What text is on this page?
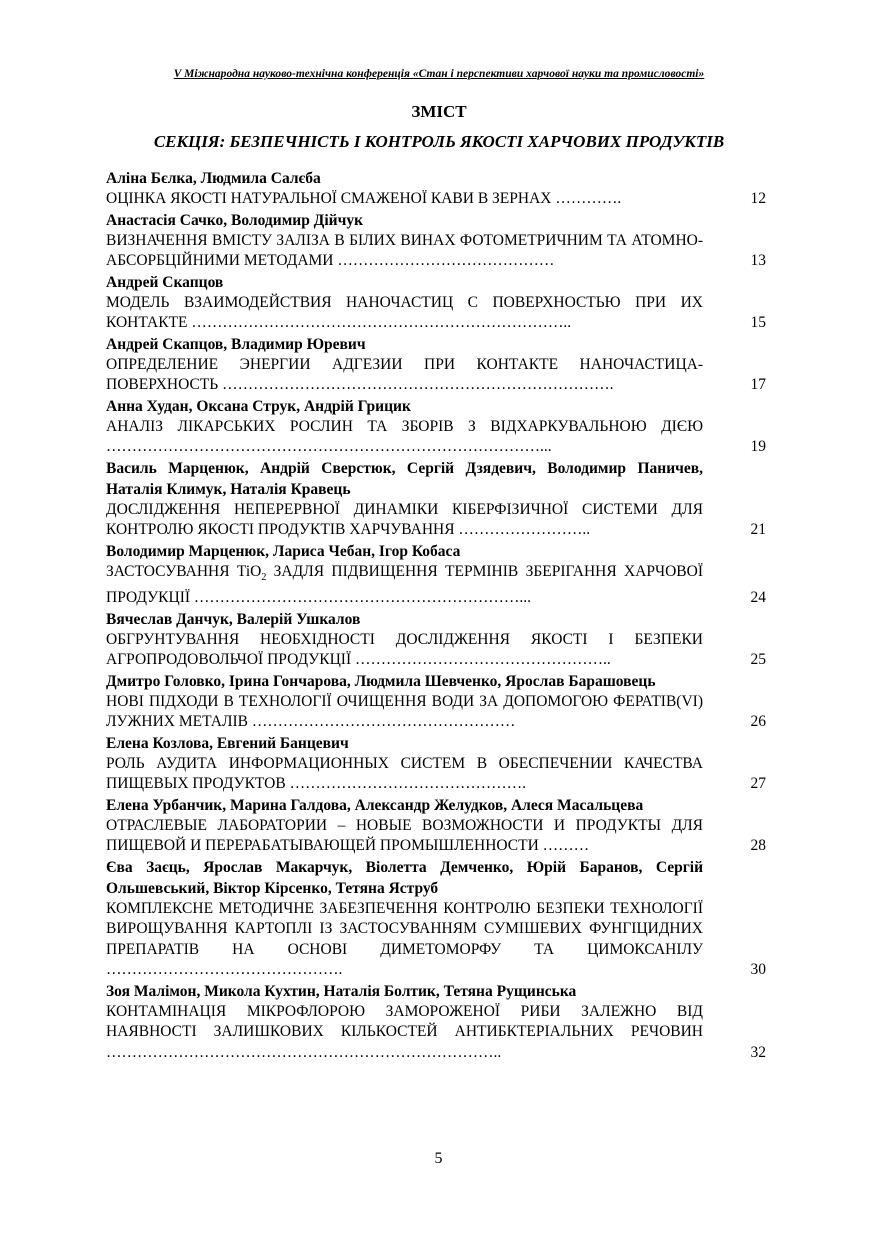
V Міжнародна науково-технічна конференція «Стан і перспективи харчової науки та промисловості»
ЗМІСТ
СЕКЦІЯ: БЕЗПЕЧНІСТЬ І КОНТРОЛЬ ЯКОСТІ ХАРЧОВИХ ПРОДУКТІВ
Аліна Бєлка, Людмила Салєба
ОЦІНКА ЯКОСТІ НАТУРАЛЬНОЇ СМАЖЕНОЇ КАВИ В ЗЕРНАХ ………….	12
Анастасія Сачко, Володимир Дійчук
ВИЗНАЧЕННЯ ВМІСТУ ЗАЛІЗА В БІЛИХ ВИНАХ ФОТОМЕТРИЧНИМ ТА АТОМНО-АБСОРБЦІЙНИМИ МЕТОДАМИ ……………………………………	13
Андрей Скапцов
МОДЕЛЬ ВЗАИМОДЕЙСТВИЯ НАНОЧАСТИЦ С ПОВЕРХНОСТЬЮ ПРИ ИХ КОНТАКТЕ ………………………………………………………………..	15
Андрей Скапцов, Владимир Юревич
ОПРЕДЕЛЕНИЕ ЭНЕРГИИ АДГЕЗИИ ПРИ КОНТАКТЕ НАНОЧАСТИЦА-ПОВЕРХНОСТЬ ………………………………………………………………….	17
Анна Худан, Оксана Струк, Андрій Грицик
АНАЛІЗ ЛІКАРСЬКИХ РОСЛИН ТА ЗБОРІВ З ВІДХАРКУВАЛЬНОЮ ДІЄЮ …………………………………………………………………………...	19
Василь Марценюк, Андрій Сверстюк, Сергій Дзядевич, Володимир Паничев, Наталія Климук, Наталія Кравець
ДОСЛІДЖЕННЯ НЕПЕРЕРВНОЇ ДИНАМІКИ КІБЕРФІЗИЧНОЇ СИСТЕМИ ДЛЯ КОНТРОЛЮ ЯКОСТІ ПРОДУКТІВ ХАРЧУВАННЯ ……………………..	21
Володимир Марценюк, Лариса Чебан, Ігор Кобаса
ЗАСТОСУВАННЯ TiO$_2$ ЗАДЛЯ ПІДВИЩЕННЯ ТЕРМІНІВ ЗБЕРІГАННЯ ХАРЧОВОЇ ПРОДУКЦІЇ ………………………………………………………...	24
Вячеслав Данчук, Валерій Ушкалов
ОБГРУНТУВАННЯ НЕОБХІДНОСТІ ДОСЛІДЖЕННЯ ЯКОСТІ І БЕЗПЕКИ АГРОПРОДОВОЛЬЧОЇ ПРОДУКЦІЇ …………………………………………..	25
Дмитро Головко, Ірина Гончарова, Людмила Шевченко, Ярослав Барашовець
НОВІ ПІДХОДИ В ТЕХНОЛОГІЇ ОЧИЩЕННЯ ВОДИ ЗА ДОПОМОГОЮ ФЕРАТІВ(VI) ЛУЖНИХ МЕТАЛІВ ……………………………………………	26
Елена Козлова, Евгений Банцевич
РОЛЬ АУДИТА ИНФОРМАЦИОННЫХ СИСТЕМ В ОБЕСПЕЧЕНИИ КАЧЕСТВА ПИЩЕВЫХ ПРОДУКТОВ ……………………………………….	27
Елена Урбанчик, Марина Галдова, Александр Желудков, Алеся Масальцева
ОТРАСЛЕВЫЕ ЛАБОРАТОРИИ – НОВЫЕ ВОЗМОЖНОСТИ И ПРОДУКТЫ ДЛЯ ПИЩЕВОЙ И ПЕРЕРАБАТЫВАЮЩЕЙ ПРОМЫШЛЕННОСТИ ………	28
Єва Заєць, Ярослав Макарчук, Віолетта Демченко, Юрій Баранов, Сергій Ольшевський, Віктор Кірсенко, Тетяна Яструб
КОМПЛЕКСНЕ МЕТОДИЧНЕ ЗАБЕЗПЕЧЕННЯ КОНТРОЛЮ БЕЗПЕКИ ТЕХНОЛОГІЇ ВИРОЩУВАННЯ КАРТОПЛІ ІЗ ЗАСТОСУВАННЯМ СУМІШЕВИХ ФУНГІЦИДНИХ ПРЕПАРАТІВ НА ОСНОВІ ДИМЕТОМОРФУ ТА ЦИМОКСАНІЛУ ……………………………………….	30
Зоя Малімон, Микола Кухтин, Наталія Болтик, Тетяна Рущинська
КОНТАМІНАЦІЯ МІКРОФЛОРОЮ ЗАМОРОЖЕНОЇ РИБИ ЗАЛЕЖНО ВІД НАЯВНОСТІ ЗАЛИШКОВИХ КІЛЬКОСТЕЙ АНТИБКТЕРІАЛЬНИХ РЕЧОВИН …………………………………………………………………..	32
5
